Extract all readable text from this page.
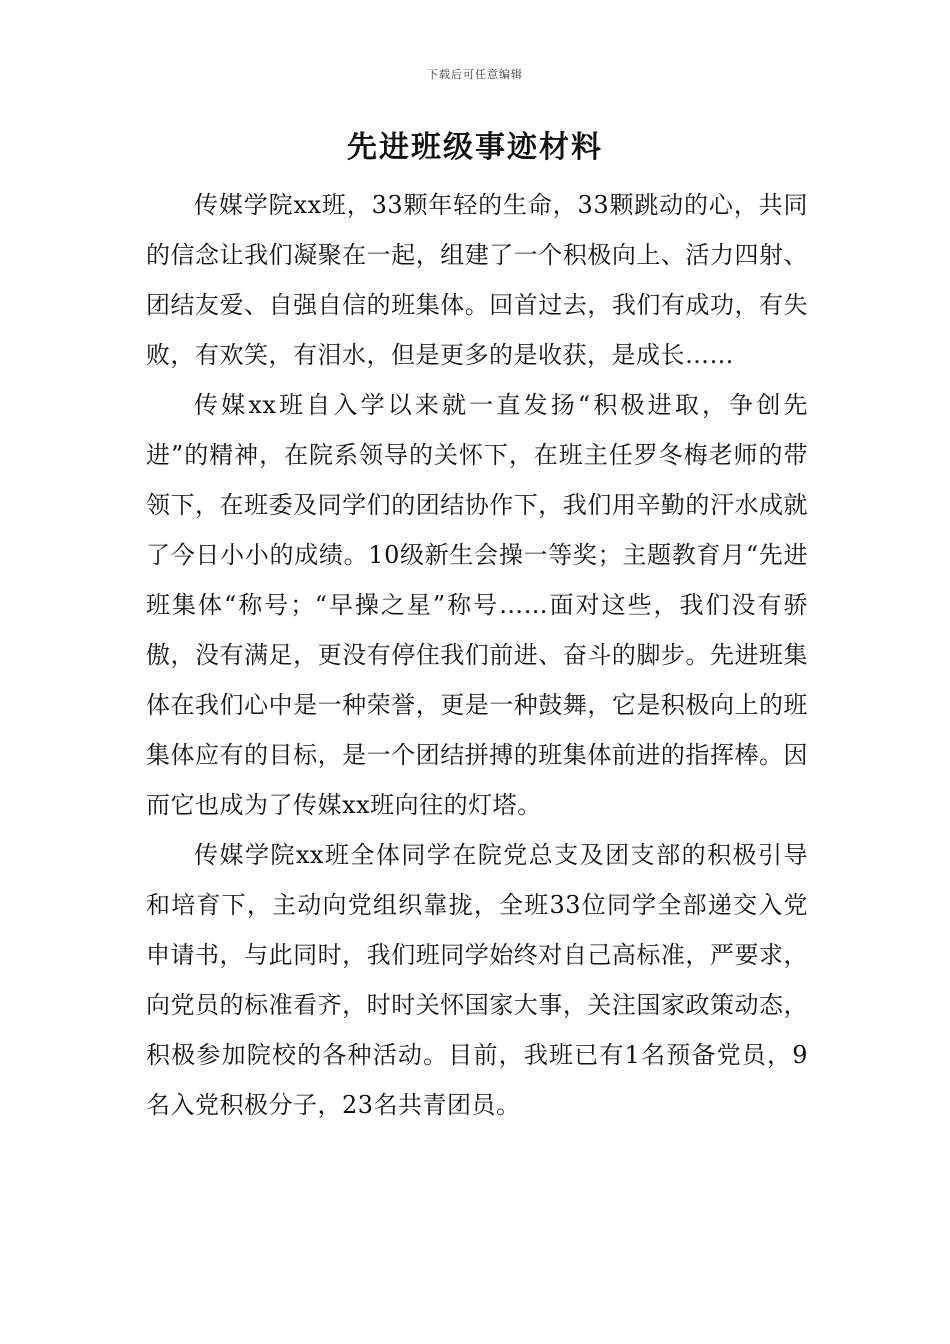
下载后可任意编辑
先进班级事迹材料

传媒学院xx班，33颗年轻的生命，33颗跳动的心，共同的信念让我们凝聚在一起，组建了一个积极向上、活力四射、团结友爱、自强自信的班集体。回首过去，我们有成功，有失败，有欢笑，有泪水，但是更多的是收获，是成长……

传媒xx班自入学以来就一直发扬“积极进取，争创先进”的精神，在院系领导的关怀下，在班主任罗冬梅老师的带领下，在班委及同学们的团结协作下，我们用辛勤的汗水成就了今日小小的成绩。10级新生会操一等奖；主题教育月“先进班集体“称号；“早操之星”称号……面对这些，我们没有骄傲，没有满足，更没有停住我们前进、奋斗的脚步。先进班集体在我们心中是一种荣誉，更是一种鼓舞，它是积极向上的班集体应有的目标，是一个团结拼搏的班集体前进的指挥棒。因而它也成为了传媒xx班向往的灯塔。

传媒学院xx班全体同学在院党总支及团支部的积极引导和培育下，主动向党组织靠拢，全班33位同学全部递交入党申请书，与此同时，我们班同学始终对自己高标准，严要求，向党员的标准看齐，时时关怀国家大事，关注国家政策动态，积极参加院校的各种活动。目前，我班已有1名预备党员，9名入党积极分子，23名共青团员。
